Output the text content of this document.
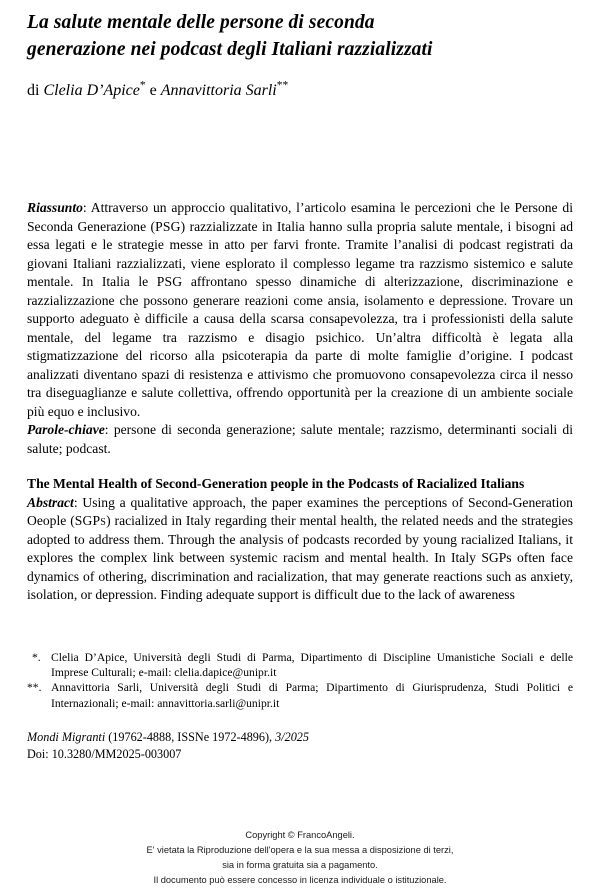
La salute mentale delle persone di seconda
generazione nei podcast degli Italiani razzializzati

di Clelia D’Apice* e Annavittoria Sarli**

Riassunto: Attraverso un approccio qualitativo, l’articolo esamina le percezioni che le Persone di Seconda Generazione (PSG) razzializzate in Italia hanno sulla propria salute mentale, i bisogni ad essa legati e le strategie messe in atto per farvi fronte. Tramite l’analisi di podcast registrati da giovani Italiani razzializzati, viene esplorato il complesso legame tra razzismo sistemico e salute mentale. In Italia le PSG affrontano spesso dinamiche di alterizzazione, discriminazione e razzializzazione che possono generare reazioni come ansia, isolamento e depressione. Trovare un supporto adeguato è difficile a causa della scarsa consapevolezza, tra i professionisti della salute mentale, del legame tra razzismo e disagio psichico. Un’altra difficoltà è legata alla stigmatizzazione del ricorso alla psicoterapia da parte di molte famiglie d’origine. I podcast analizzati diventano spazi di resistenza e attivismo che promuovono consapevolezza circa il nesso tra diseguaglianze e salute collettiva, offrendo opportunità per la creazione di un ambiente sociale più equo e inclusivo.

Parole-chiave: persone di seconda generazione; salute mentale; razzismo, determinanti sociali di salute; podcast.

The Mental Health of Second-Generation people in the Podcasts of Racialized Italians

Abstract: Using a qualitative approach, the paper examines the perceptions of Second-Generation Oeople (SGPs) racialized in Italy regarding their mental health, the related needs and the strategies adopted to address them. Through the analysis of podcasts recorded by young racialized Italians, it explores the complex link between systemic racism and mental health. In Italy SGPs often face dynamics of othering, discrimination and racialization, that may generate reactions such as anxiety, isolation, or depression. Finding adequate support is difficult due to the lack of awareness

*. Clelia D’Apice, Università degli Studi di Parma, Dipartimento di Discipline Umanistiche Sociali e delle Imprese Culturali; e-mail: clelia.dapice@unipr.it
**. Annavittoria Sarli, Università degli Studi di Parma; Dipartimento di Giurisprudenza, Studi Politici e Internazionali; e-mail: annavittoria.sarli@unipr.it
Mondi Migranti (19762-4888, ISSNe 1972-4896), 3/2025
Doi: 10.3280/MM2025-003007
Copyright © FrancoAngeli.
E' vietata la Riproduzione dell'opera e la sua messa a disposizione di terzi,
sia in forma gratuita sia a pagamento.
Il documento può essere concesso in licenza individuale o istituzionale.
